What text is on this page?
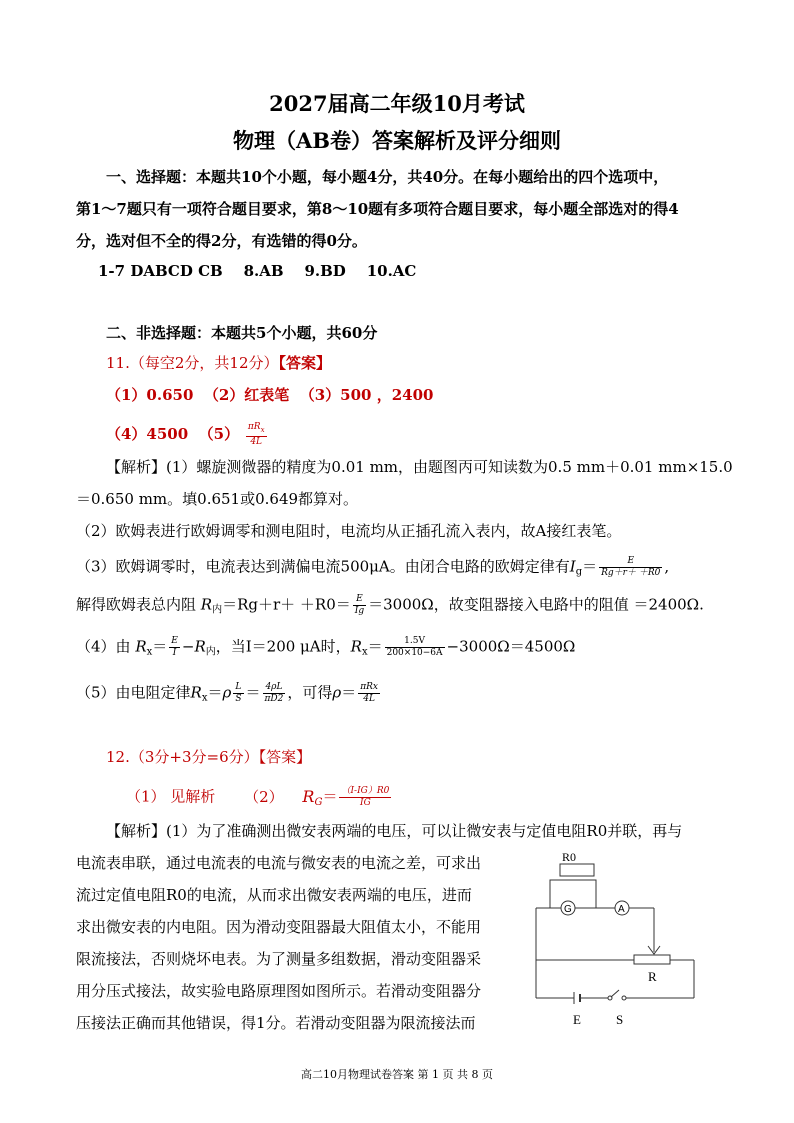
2027届高二年级10月考试
物理（AB卷）答案解析及评分细则
一、选择题：本题共10个小题，每小题4分，共40分。在每小题给出的四个选项中，
第1～7题只有一项符合题目要求，第8～10题有多项符合题目要求，每小题全部选对的得4
分，选对但不全的得2分，有选错的得0分。
1-7 DABCD CB    8.AB    9.BD    10.AC
二、非选择题：本题共5个小题，共60分
11.（每空2分，共12分）【答案】
（1）0.650  （2）红表笔  （3）500 ，2400
（4）4500  $(5) \frac{\pi R_x}{4L}$
【解析】(1）螺旋测微器的精度为0.01 mm，由题图丙可知读数为0.5 mm＋0.01 mm×15.0
＝0.650 mm。填0.651或0.649都算对。
（2）欧姆表进行欧姆调零和测电阻时，电流均从正插孔流入表内，故A接红表笔。
（3）欧姆调零时，电流表达到满偏电流500μA。由闭合电路的欧姆定律有$I_g= \frac{E}{Rg+r+ +R0}$ ,
解得欧姆表总内阻 $R_内=Rg+r+ +R0= \frac{E}{Ig} =3000\Omega$，故变阻器接入电路中的阻值 ＝2400Ω.
（4）由 $R_x= \frac{E}{I} -R_内$，当I＝200 μA时，$R_x= \frac{1.5V}{200\times 10-6A} -3000\Omega=4500\Omega$
（5）由电阻定律$R_x=\rho \frac{L}{S} = \frac{4\rho L}{\pi D2}$ ，可得$\rho= \frac{\text{πRx}}{4L}$
12.（3分+3分=6分）【答案】
（1） 见解析 （2） $R_G= \frac{(I-IG)R0}{IG}$
【解析】(1）为了准确测出微安表两端的电压，可以让微安表与定值电阻R0并联，再与
电流表串联，通过电流表的电流与微安表的电流之差，可求出
流过定值电阻R0的电流，从而求出微安表两端的电压，进而
求出微安表的内电阻。因为滑动变阻器最大阻值太小，不能用
限流接法，否则烧坏电表。为了测量多组数据，滑动变阻器采
用分压式接法，故实验电路原理图如图所示。若滑动变阻器分
压接法正确而其他错误，得1分。若滑动变阻器为限流接法而
R0
G	A
R
E	S
高二10月物理试卷答案 第 1 页 共 8 页
